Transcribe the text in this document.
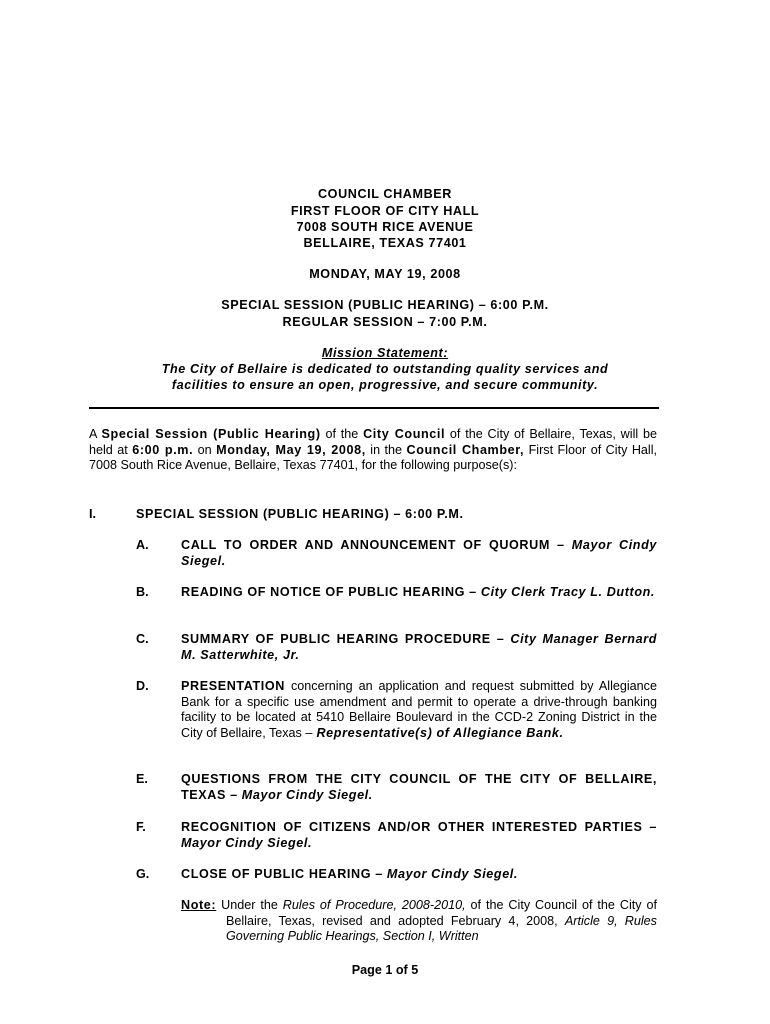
COUNCIL CHAMBER
FIRST FLOOR OF CITY HALL
7008 SOUTH RICE AVENUE
BELLAIRE, TEXAS 77401
MONDAY, MAY 19, 2008
SPECIAL SESSION (PUBLIC HEARING) – 6:00 P.M.
REGULAR SESSION – 7:00 P.M.
Mission Statement:
The City of Bellaire is dedicated to outstanding quality services and
facilities to ensure an open, progressive, and secure community.
A Special Session (Public Hearing) of the City Council of the City of Bellaire, Texas, will be held at 6:00 p.m. on Monday, May 19, 2008, in the Council Chamber, First Floor of City Hall, 7008 South Rice Avenue, Bellaire, Texas 77401, for the following purpose(s):
I.	SPECIAL SESSION (PUBLIC HEARING) – 6:00 P.M.
A.	CALL TO ORDER AND ANNOUNCEMENT OF QUORUM – Mayor Cindy Siegel.
B.	READING OF NOTICE OF PUBLIC HEARING – City Clerk Tracy L. Dutton.
C.	SUMMARY OF PUBLIC HEARING PROCEDURE – City Manager Bernard M. Satterwhite, Jr.
D.	PRESENTATION concerning an application and request submitted by Allegiance Bank for a specific use amendment and permit to operate a drive-through banking facility to be located at 5410 Bellaire Boulevard in the CCD-2 Zoning District in the City of Bellaire, Texas – Representative(s) of Allegiance Bank.
E.	QUESTIONS FROM THE CITY COUNCIL OF THE CITY OF BELLAIRE, TEXAS – Mayor Cindy Siegel.
F.	RECOGNITION OF CITIZENS AND/OR OTHER INTERESTED PARTIES – Mayor Cindy Siegel.
G.	CLOSE OF PUBLIC HEARING – Mayor Cindy Siegel.
Note: Under the Rules of Procedure, 2008-2010, of the City Council of the City of Bellaire, Texas, revised and adopted February 4, 2008, Article 9, Rules Governing Public Hearings, Section I, Written
Page 1 of 5
